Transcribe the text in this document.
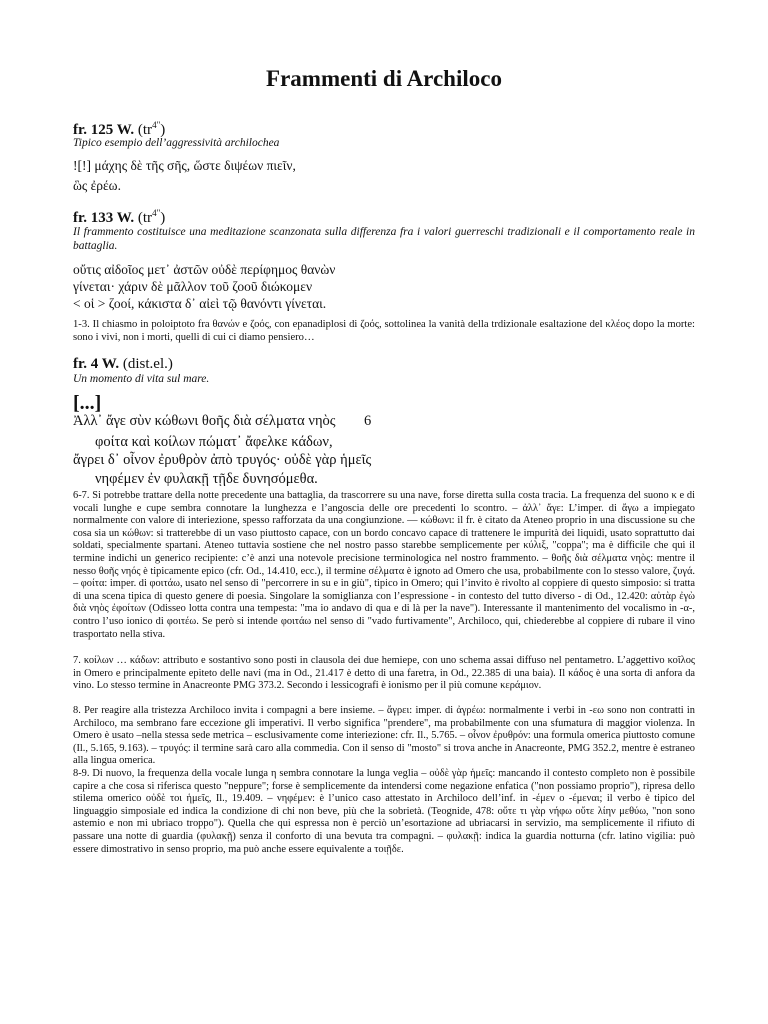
Frammenti di Archiloco
fr. 125 W. $(tr^{4"})$
Tipico esempio dell’aggressività archilochea
![!] μάχης δὲ τῆς σῆς, ὥστε διψέων πιεῖν,
ὣς ἐρέω.
fr. 133 W. $(tr^{4"})$
Il frammento costituisce una meditazione scanzonata sulla differenza fra i valori guerreschi tradizionali e il comportamento reale in battaglia.
οὔτις αἰδοῖος μετ᾽ ἀστῶν οὐδὲ περίφημος θανὼν
γίνεται· χάριν δὲ μᾶλλον τοῦ ζοοῦ διώκομεν
< οἱ > ζοοί, κάκιστα δ᾽ αἰεὶ τῷ θανόντι γίνεται.
1-3. Il chiasmo in poloiptoto fra θανών e ζοός, con epanadiplosi di ζοός, sottolinea la vanità della trdizionale esaltazione del κλέος dopo la morte: sono i vivi, non i morti, quelli di cui ci diamo pensiero…
fr. 4 W. (dist.el.)
Un momento di vita sul mare.
[...]
Ἀλλ᾽ ἄγε σὺν κώθωνι θοῆς διὰ σέλματα νηὸς 6
φοίτα καὶ κοίλων πώματ᾽ ἄφελκε κάδων,
ἄγρει δ᾽ οἶνον ἐρυθρὸν ἀπὸ τρυγός· οὐδὲ γὰρ ἡμεῖς
νηφέμεν ἐν φυλακῇ τῇδε δυνησόμεθα.
6-7. Si potrebbe trattare della notte precedente una battaglia, da trascorrere su una nave, forse diretta sulla costa tracia. La frequenza del suono κ e di vocali lunghe e cupe sembra connotare la lunghezza e l’angoscia delle ore precedenti lo scontro. – ἀλλ᾽ ἄγε: L’imper. di ἄγω a impiegato normalmente con valore di interiezione, spesso rafforzata da una congiunzione. — κώθωνι: il fr. è citato da Ateneo proprio in una discussione su che cosa sia un κώθων: si tratterebbe di un vaso piuttosto capace, con un bordo concavo capace di trattenere le impurità dei liquidi, usato soprattutto dai soldati, specialmente spartani. Ateneo tuttavia sostiene che nel nostro passo starebbe semplicemente per κύλιξ, "coppa"; ma è difficile che qui il termine indichi un generico recipiente: c’è anzi una notevole precisione terminologica nel nostro frammento. – θοῆς διὰ σέλματα νηὸς: mentre il nesso θοῆς νηός è tipicamente epico (cfr. Od., 14.410, ecc.), il termine σέλματα è ignoto ad Omero che usa, probabilmente con lo stesso valore, ζυγά. – φοίτα: imper. di φοιτάω, usato nel senso di "percorrere in su e in giù", tipico in Omero; qui l’invito è rivolto al coppiere di questo simposio: si tratta di una scena tipica di questo genere di poesia. Singolare la somiglianza con l’espressione - in contesto del tutto diverso - di Od., 12.420: αὐτὰρ ἐγὼ διὰ νηὸς ἐφοίτων (Odisseo lotta contra una tempesta: "ma io andavo di qua e di là per la nave"). Interessante il mantenimento del vocalismo in -α-, contro l’uso ionico di φοιτέω. Se però si intende φοιτάω nel senso di "vado furtivamente", Archiloco, qui, chiederebbe al coppiere di rubare il vino trasportato nella stiva.
7. κοίλων … κάδων: attributo e sostantivo sono posti in clausola dei due hemiepe, con uno schema assai diffuso nel pentametro. L’aggettivo κοῖλος in Omero e principalmente epiteto delle navi (ma in Od., 21.417 è detto di una faretra, in Od., 22.385 di una baia). Il κάδος è una sorta di anfora da vino. Lo stesso termine in Anacreonte PMG 373.2. Secondo i lessicografi è ionismo per il più comune κεράμιον.
8. Per reagire alla tristezza Archiloco invita i compagni a bere insieme. – ἄγρει: imper. di ἀγρέω: normalmente i verbi in -εω sono non contratti in Archiloco, ma sembrano fare eccezione gli imperativi. Il verbo significa "prendere", ma probabilmente con una sfumatura di maggior violenza. In Omero è usato –nella stessa sede metrica – esclusivamente come interiezione: cfr. Il., 5.765. – οἶνον ἐρυθρόν: una formula omerica piuttosto comune (Il., 5.165, 9.163). – τρυγός: il termine sarà caro alla commedia. Con il senso di "mosto" si trova anche in Anacreonte, PMG 352.2, mentre è estraneo alla lingua omerica.
8-9. Di nuovo, la frequenza della vocale lunga η sembra connotare la lunga veglia – οὐδὲ γὰρ ἡμεῖς: mancando il contesto completo non è possibile capire a che cosa si riferisca questo "neppure"; forse è semplicemente da intendersi come negazione enfatica ("non possiamo proprio"), ripresa dello stilema omerico οὐδὲ τοι ἡμεῖς, Il., 19.409. – νηφέμεν: è l’unico caso attestato in Archiloco dell’inf. in -έμεν o -έμεναι; il verbo è tipico del linguaggio simposiale ed indica la condizione di chi non beve, più che la sobrietà. (Teognide, 478: οὔτε τι γὰρ νήφω οὔτε λίην μεθύω, "non sono astemio e non mi ubriaco troppo"). Quella che qui espressa non è perciò un’esortazione ad ubriacarsi in servizio, ma semplicemente il rifiuto di passare una notte di guardia (φυλακῇ) senza il conforto di una bevuta tra compagni. – φυλακῇ: indica la guardia notturna (cfr. latino vigilia: può essere dimostrativo in senso proprio, ma può anche essere equivalente a τοιῇδε.
